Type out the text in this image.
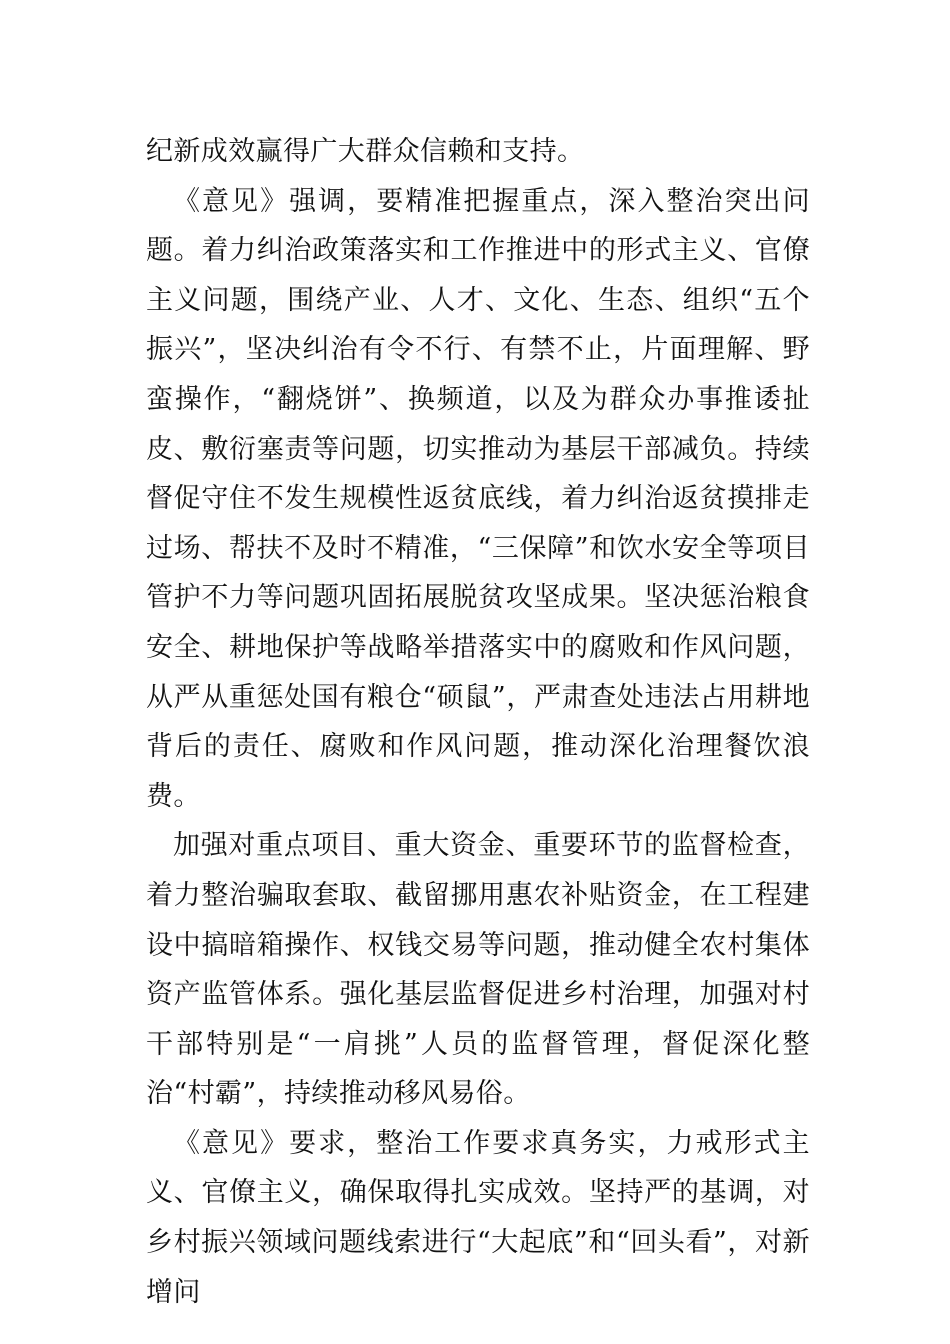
纪新成效赢得广大群众信赖和支持。

《意见》强调，要精准把握重点，深入整治突出问题。着力纠治政策落实和工作推进中的形式主义、官僚主义问题，围绕产业、人才、文化、生态、组织“五个振兴”，坚决纠治有令不行、有禁不止，片面理解、野蛮操作，“翻烧饼”、换频道，以及为群众办事推诿扯皮、敷衍塞责等问题，切实推动为基层干部减负。持续督促守住不发生规模性返贫底线，着力纠治返贫摸排走过场、帮扶不及时不精准，“三保障”和饮水安全等项目管护不力等问题巩固拓展脱贫攻坚成果。坚决惩治粮食安全、耕地保护等战略举措落实中的腐败和作风问题，从严从重惩处国有粮仓“硕鼠”，严肃查处违法占用耕地背后的责任、腐败和作风问题，推动深化治理餐饮浪费。

加强对重点项目、重大资金、重要环节的监督检查，着力整治骗取套取、截留挪用惠农补贴资金，在工程建设中搞暗箱操作、权钱交易等问题，推动健全农村集体资产监管体系。强化基层监督促进乡村治理，加强对村干部特别是“一肩挑”人员的监督管理，督促深化整治“村霸”，持续推动移风易俗。

《意见》要求，整治工作要求真务实，力戒形式主义、官僚主义，确保取得扎实成效。坚持严的基调，对乡村振兴领域问题线索进行“大起底”和“回头看”，对新增问
